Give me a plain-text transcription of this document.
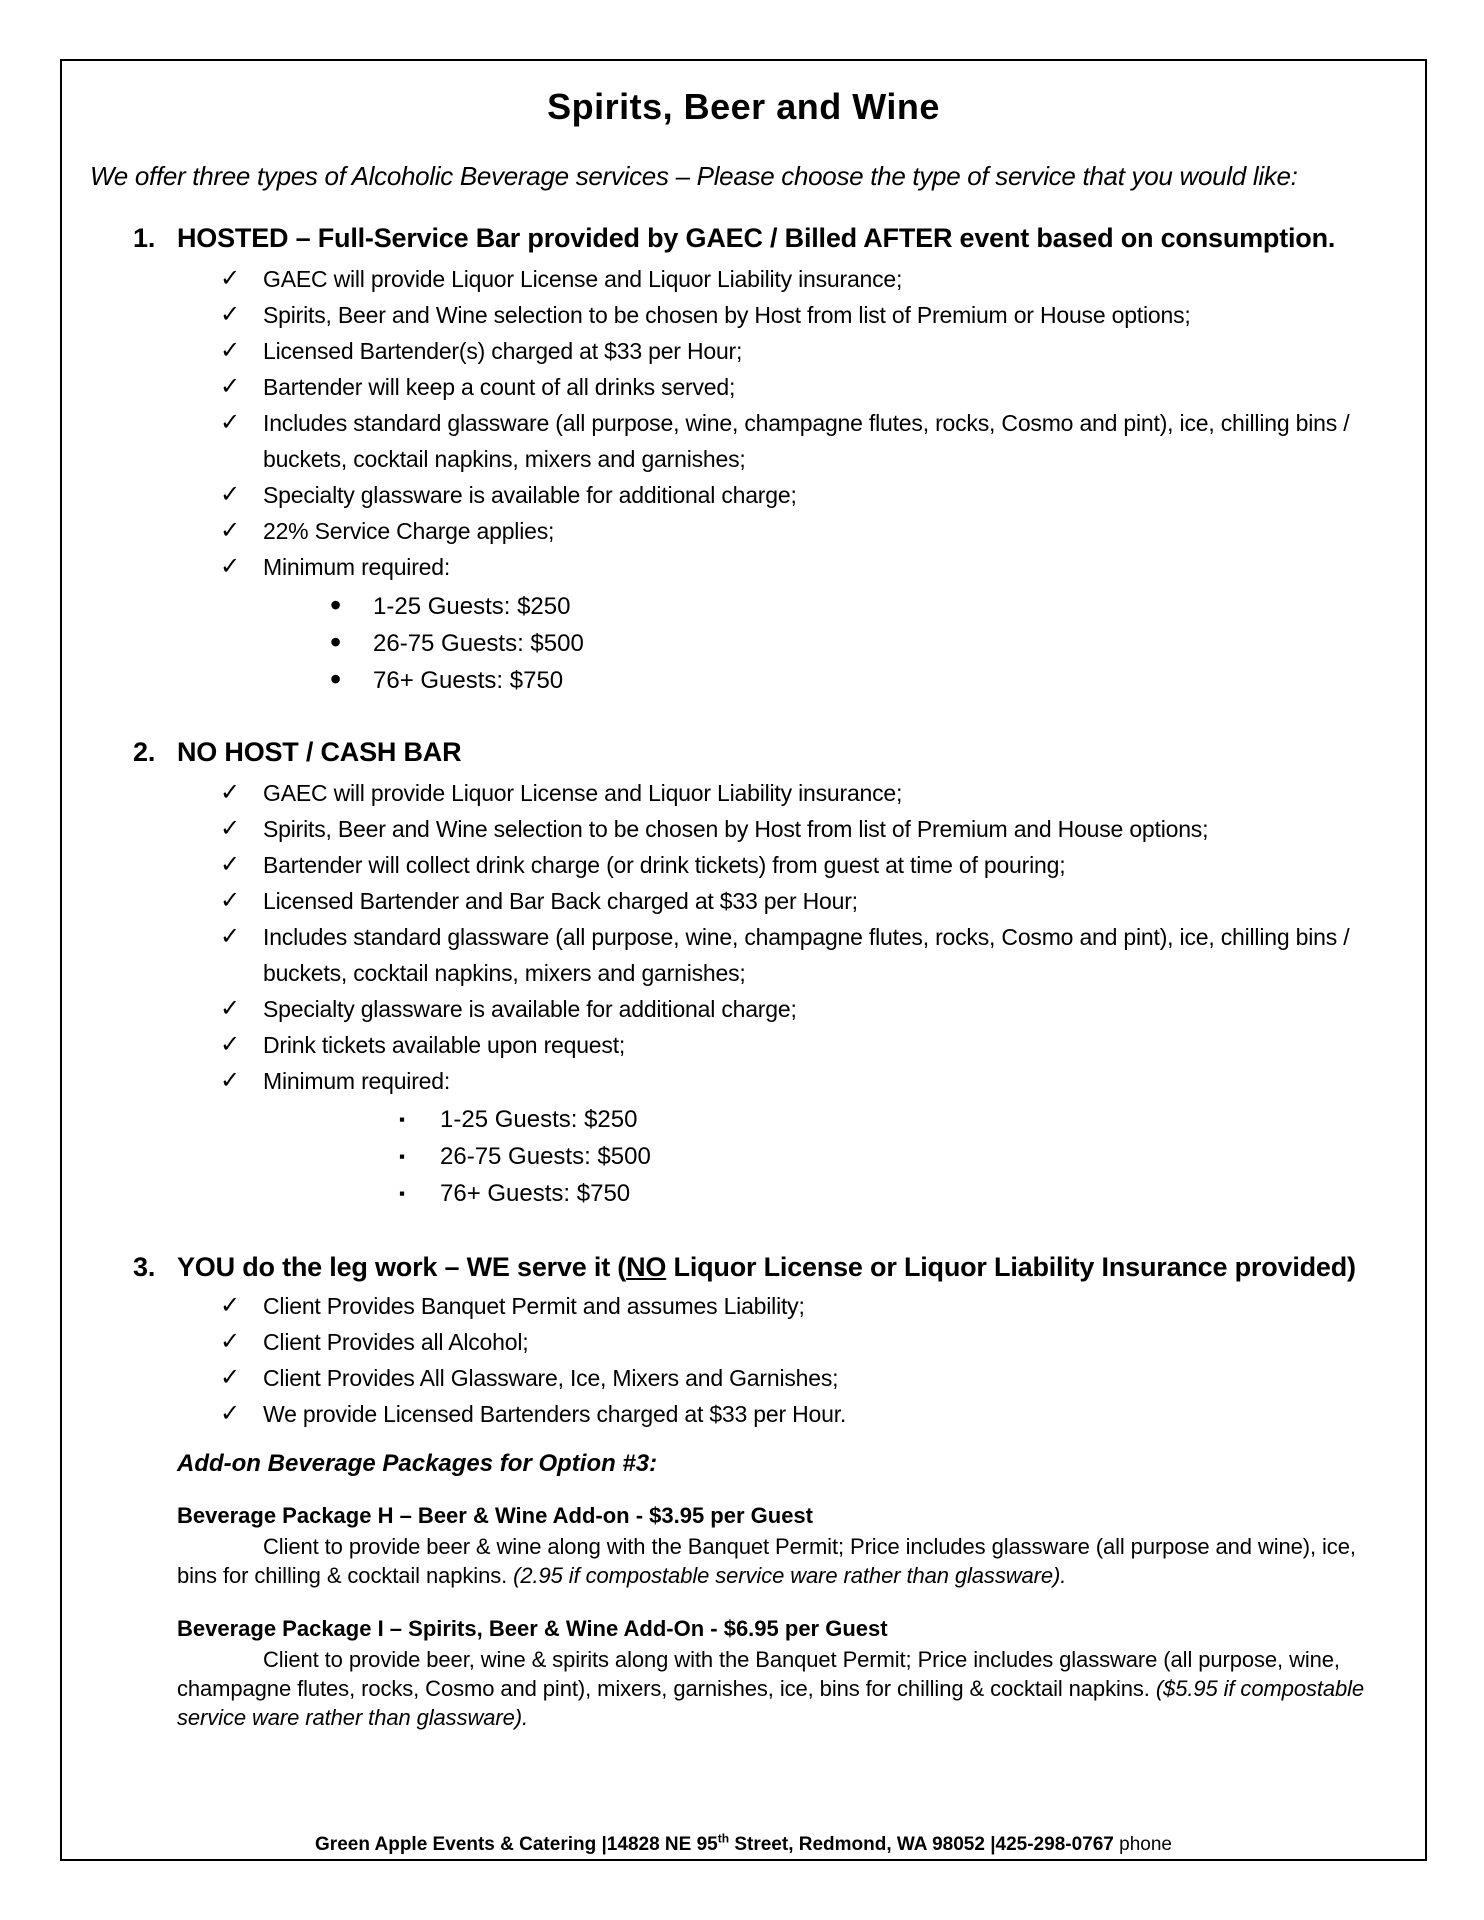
Spirits, Beer and Wine

We offer three types of Alcoholic Beverage services – Please choose the type of service that you would like:

1. HOSTED – Full-Service Bar provided by GAEC / Billed AFTER event based on consumption.
✓ GAEC will provide Liquor License and Liquor Liability insurance;
✓ Spirits, Beer and Wine selection to be chosen by Host from list of Premium or House options;
✓ Licensed Bartender(s) charged at $33 per Hour;
✓ Bartender will keep a count of all drinks served;
✓ Includes standard glassware (all purpose, wine, champagne flutes, rocks, Cosmo and pint), ice, chilling bins / buckets, cocktail napkins, mixers and garnishes;
✓ Specialty glassware is available for additional charge;
✓ 22% Service Charge applies;
✓ Minimum required:
• 1-25 Guests: $250
• 26-75 Guests: $500
• 76+ Guests: $750
2. NO HOST / CASH BAR
✓ GAEC will provide Liquor License and Liquor Liability insurance;
✓ Spirits, Beer and Wine selection to be chosen by Host from list of Premium and House options;
✓ Bartender will collect drink charge (or drink tickets) from guest at time of pouring;
✓ Licensed Bartender and Bar Back charged at $33 per Hour;
✓ Includes standard glassware (all purpose, wine, champagne flutes, rocks, Cosmo and pint), ice, chilling bins / buckets, cocktail napkins, mixers and garnishes;
✓ Specialty glassware is available for additional charge;
✓ Drink tickets available upon request;
✓ Minimum required:
▪ 1-25 Guests: $250
▪ 26-75 Guests: $500
▪ 76+ Guests: $750
3. YOU do the leg work – WE serve it (NO Liquor License or Liquor Liability Insurance provided)
✓ Client Provides Banquet Permit and assumes Liability;
✓ Client Provides all Alcohol;
✓ Client Provides All Glassware, Ice, Mixers and Garnishes;
✓ We provide Licensed Bartenders charged at $33 per Hour.
Add-on Beverage Packages for Option #3:
Beverage Package H – Beer & Wine Add-on - $3.95 per Guest

Client to provide beer & wine along with the Banquet Permit; Price includes glassware (all purpose and wine), ice, bins for chilling & cocktail napkins. (2.95 if compostable service ware rather than glassware).

Beverage Package I – Spirits, Beer & Wine Add-On - $6.95 per Guest

Client to provide beer, wine & spirits along with the Banquet Permit; Price includes glassware (all purpose, wine, champagne flutes, rocks, Cosmo and pint), mixers, garnishes, ice, bins for chilling & cocktail napkins. ($5.95 if compostable service ware rather than glassware).

Green Apple Events & Catering |14828 NE 95th Street, Redmond, WA 98052 |425-298-0767 phone
